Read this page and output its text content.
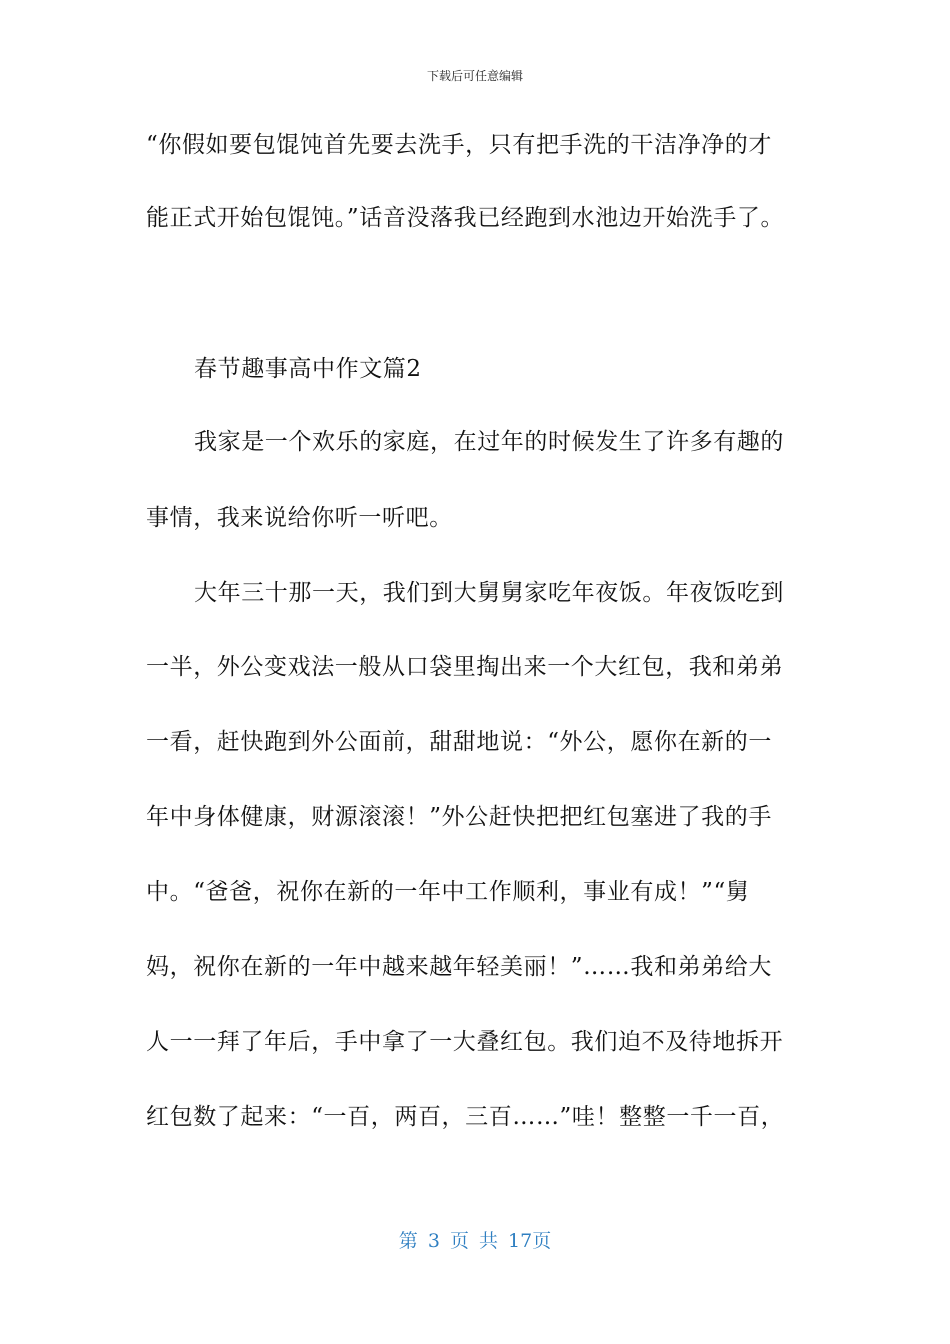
下载后可任意编辑
“你假如要包馄饨首先要去洗手，只有把手洗的干洁净净的才
能正式开始包馄饨。”话音没落我已经跑到水池边开始洗手了。
春节趣事高中作文篇2
我家是一个欢乐的家庭，在过年的时候发生了许多有趣的
事情，我来说给你听一听吧。
大年三十那一天，我们到大舅舅家吃年夜饭。年夜饭吃到
一半，外公变戏法一般从口袋里掏出来一个大红包，我和弟弟
一看，赶快跑到外公面前，甜甜地说：“外公，愿你在新的一
年中身体健康，财源滚滚！”外公赶快把把红包塞进了我的手
中。“爸爸，祝你在新的一年中工作顺利，事业有成！”“舅
妈，祝你在新的一年中越来越年轻美丽！”……我和弟弟给大
人一一拜了年后，手中拿了一大叠红包。我们迫不及待地拆开
红包数了起来：“一百，两百，三百……”哇！整整一千一百，
第 3 页 共 17页
